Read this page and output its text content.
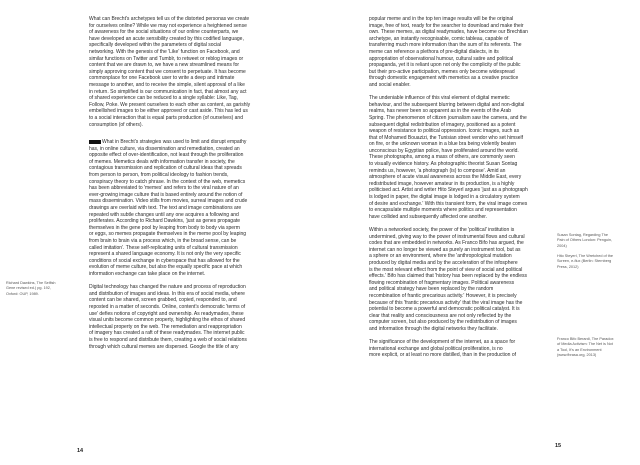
What can Brecht's archetypes tell us of the distorted personas we create
for ourselves online? While we may not experience a heightened sense
of awareness for the social situations of our online counterparts, we
have developed an acute sensibility created by this codified language,
specifically developed within the parameters of digital social
networking. With the genesis of the 'Like' function on Facebook, and
similar functions on Twitter and Tumblr, to retweet or reblog images or
content that we are drawn to, we have a new streamlined means for
simply approving content that we consent to perpetuate. It has become
commonplace for one Facebook user to write a deep and intimate
message to another, and to receive the simple, silent approval of a like
in return. So simplified is our communication in fact, that almost any act
of shared experience can be reduced to a single syllable: Like, Tag,
Follow, Poke. We present ourselves to each other as content, as garishly
embellished images to be either approved or cast aside. This has led us
to a social interaction that is equal parts production (of ourselves) and
consumption (of others).

What in Brecht's strategies was used to limit and disrupt empathy
has, in online culture, via dissemination and remediation, created an
opposite effect of over-identification, not least through the proliferation
of memes. Memetics deals with information transfer in society, the
contagious transmission and replication of cultural ideas that spreads
from person to person, from political ideology to fashion trends,
conspiracy theory to catch phrase. In the context of the web, memetics
has been abbreviated to 'memes' and refers to the viral nature of an
ever-growing image culture that is based entirely around the notion of
mass dissemination. Video stills from movies, surreal images and crude
drawings are overlaid with text. The text and image combinations are
repeated with subtle changes until any one acquires a following and
proliferates. According to Richard Dawkins, 'just as genes propagate
themselves in the gene pool by leaping from body to body via sperm
or eggs, so memes propagate themselves in the meme pool by leaping
from brain to brain via a process which, in the broad sense, can be
called imitation'. These self-replicating units of cultural transmission
represent a shared language economy. It is not only the very specific
conditions of social exchange in cyberspace that has allowed for the
evolution of meme culture, but also the equally specific pace at which
information exchange can take place on the internet.

Digital technology has changed the nature and process of reproduction
and distribution of images and ideas. In this era of social media, where
content can be shared, screen grabbed, copied, responded to, and
reposted in a matter of seconds. Online, content's democratic 'terms of
use' defies notions of copyright and ownership. As readymades, these
visual units become common property, highlighting the ethos of shared
intellectual property on the web. The remediation and reappropriation
of imagery has created a raft of these readymades. The internet public
is free to respond and distribute them, creating a web of social relations
through which cultural memes are dispersed. Google the title of any

Richard Dawkins, The Selfish
Gene revised ed.) pg. 192,
Oxford: OUP, 1989.
14

popular meme and in the top ten image results will be the original
image, free of text, ready for the searcher to download and make their
own. These memes, as digital readymades, have become our Brechtian
archetype, an instantly recognisable, comic tableau, capable of
transferring much more information than the sum of its referents. The
meme can reference a plethora of pre-digital dialects, in its
appropriation of observational humour, cultural satire and political
propaganda, yet it is reliant upon not only the complicity of the public
but their pro-active participation, memes only become widespread
through domestic engagement with memetics as a creative practice
and social enabler.

The undeniable influence of this viral element of digital memetic
behaviour, and the subsequent blurring between digital and non-digital
realms, has never been so apparent as in the events of the Arab
Spring. The phenomenon of citizen journalism saw the camera, and the
subsequent digital redistribution of imagery, positioned as a potent
weapon of resistance to political oppression. Iconic images, such as
that of Mohamed Bouazizi, the Tunisian street vendor who set himself
on fire, or the unknown woman in a blue bra being violently beaten
unconscious by Egyptian police, have proliferated around the world.
These photographs, among a mass of others, are commonly seen
to visually evidence history. As photographic theorist Susan Sontag
reminds us, however, 'a photograph (is) to compose'. Amid an
atmosphere of acute visual awareness across the Middle East, every
redistributed image, however amateur in its production, is a highly
politicised act. Artist and writer Hito Steyerl argues 'just as a photograph
is lodged in paper, the digital image is lodged in a circulatory system
of desire and exchange.' With this transient form, the viral image comes
to encapsulate multiple moments where politics and representation
have collided and subsequently affected one another.

Within a networked society, the power of the 'political' institution is
undermined, giving way to the power of instrumental flows and cultural
codes that are embedded in networks. As Franco Bifo has argued, the
internet can no longer be viewed as purely an instrument tool, but as
a sphere or an environment, where the 'anthropological mutation
produced by digital media and by the acceleration of the infosphere
is the most relevant effect from the point of view of social and political
effects.' Bifo has claimed that 'history has been replaced by the endless
flowing recombination of fragmentary images. Political awareness
and political strategy have been replaced by the random
recombination of frantic precarious activity.' However, it is precisely
because of this 'frantic precarious activity' that the viral image has the
potential to become a powerful and democratic political catalyst. It is
clear that reality and consciousness are not only reflected by the
computer screen, but also produced by the redistribution of images
and information through the digital networks they facilitate.

The significance of the development of the internet, as a space for
international exchange and global political proliferation, is no
more explicit, or at least no more distilled, than in the production of

Susan Sontag, Regarding The
Pain of Others London: Penguin,
2004)
Hito Steyerl, The Wretched of the
Screen, e-flux (Berlin: Sternberg
Press, 2012)
Franco Bifo Berardi, The Paradox
of Media Activism: The Net is Not
a Tool, It's an Environment
(www.fbrasa.org, 2013)
15
